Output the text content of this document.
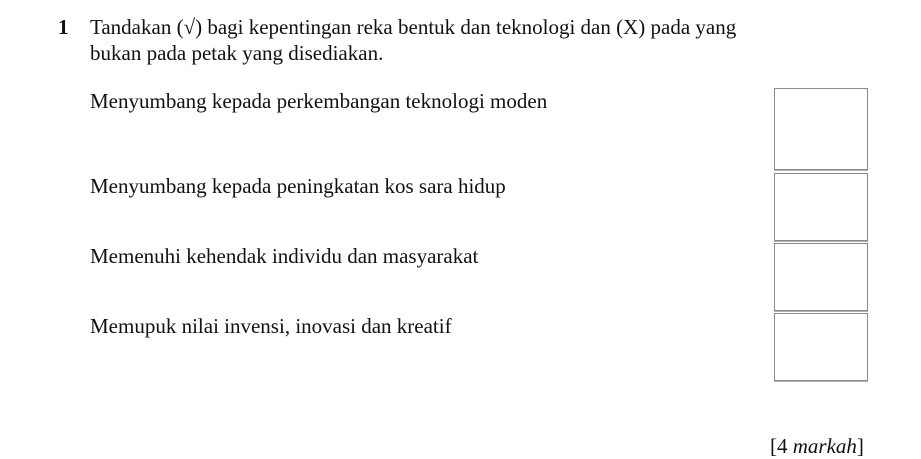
1 Tandakan (√) bagi kepentingan reka bentuk dan teknologi dan (X) pada yang
bukan pada petak yang disediakan.
Menyumbang kepada perkembangan teknologi moden
Menyumbang kepada peningkatan kos sara hidup
Memenuhi kehendak individu dan masyarakat
Memupuk nilai invensi, inovasi dan kreatif
[4 markah]
